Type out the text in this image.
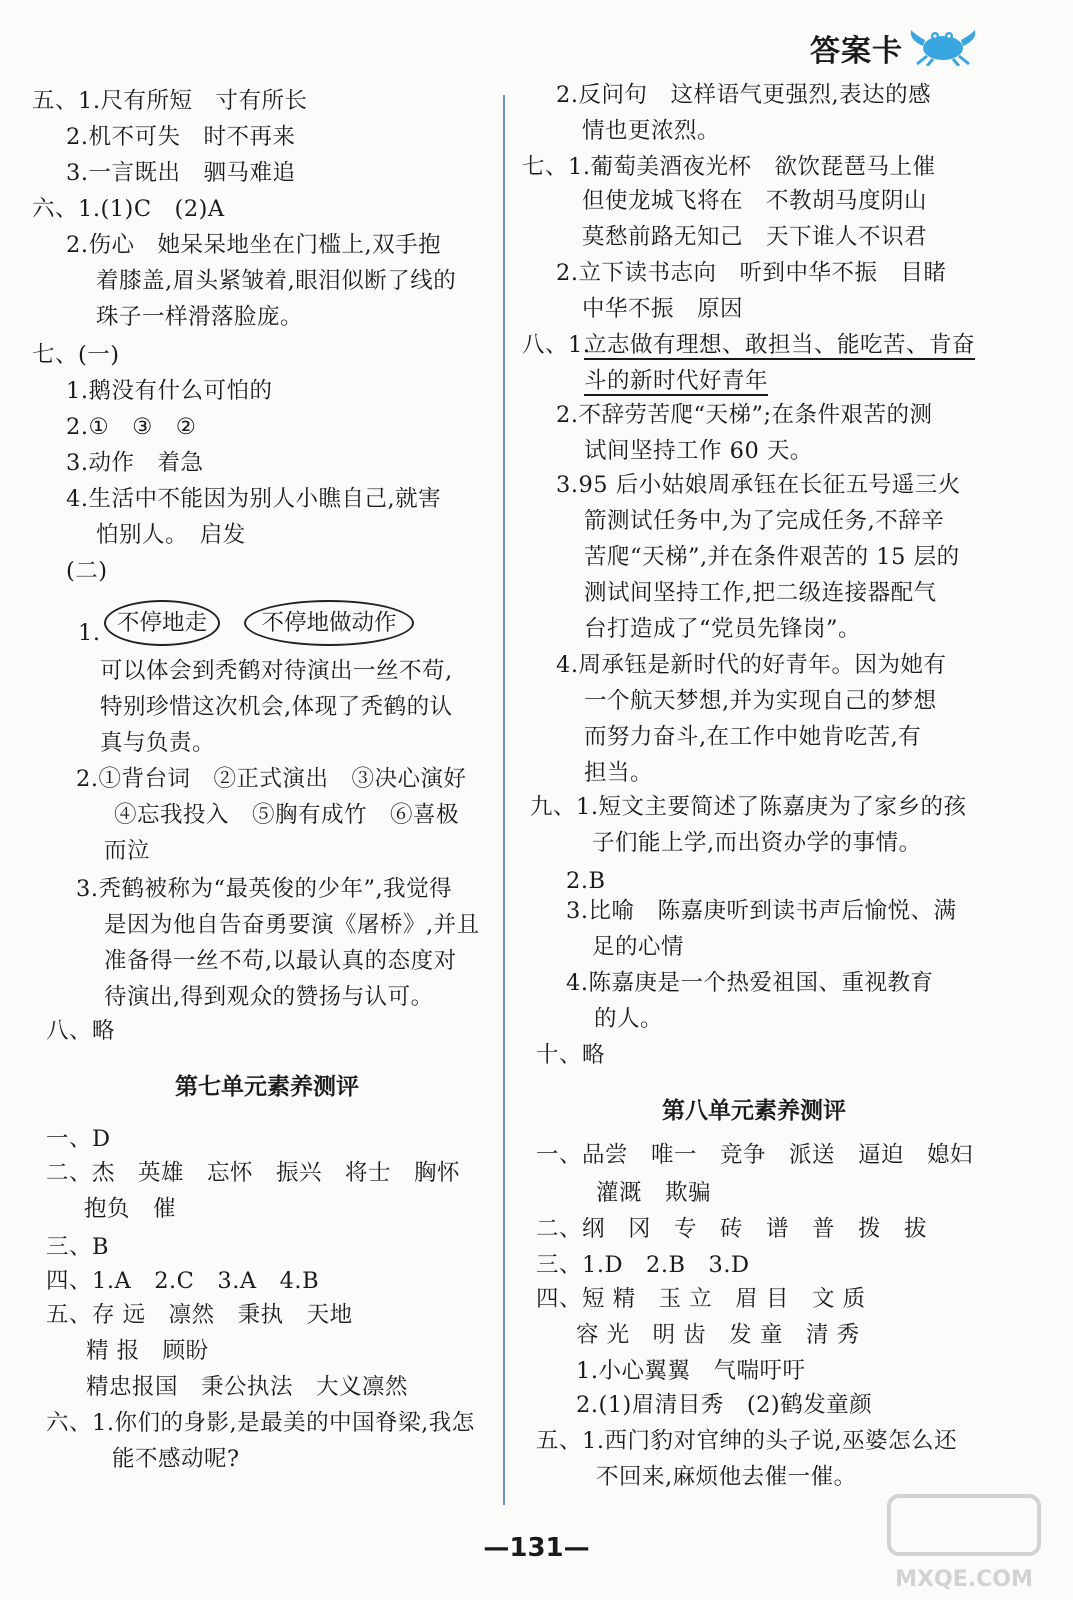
答案卡
五、1.尺有所短　寸有所长
2.机不可失　时不再来
3.一言既出　驷马难追
六、1.(1)C　(2)A
2.伤心　她呆呆地坐在门槛上,双手抱
着膝盖,眉头紧皱着,眼泪似断了线的
珠子一样滑落脸庞。
七、(一)
1.鹅没有什么可怕的
2.①　③　②
3.动作　着急
4.生活中不能因为别人小瞧自己,就害
怕别人。　启发
(二)
1. 不停地走	不停地做动作
可以体会到秃鹤对待演出一丝不苟,
特别珍惜这次机会,体现了秃鹤的认
真与负责。
2.①背台词　②正式演出　③决心演好
④忘我投入　⑤胸有成竹　⑥喜极
而泣
3.秃鹤被称为“最英俊的少年”,我觉得
是因为他自告奋勇要演《屠桥》,并且
准备得一丝不苟,以最认真的态度对
待演出,得到观众的赞扬与认可。
八、略
第七单元素养测评
一、D
二、杰　英雄　忘怀　振兴　将士　胸怀
抱负　催
三、B
四、1.A　2.C　3.A　4.B
五、存 远　凛然　秉执　天地
精 报　顾盼
精忠报国　秉公执法　大义凛然
六、1.你们的身影,是最美的中国脊梁,我怎
能不感动呢?
2.反问句　这样语气更强烈,表达的感
情也更浓烈。
七、1.葡萄美酒夜光杯　欲饮琵琶马上催
但使龙城飞将在　不教胡马度阴山
莫愁前路无知己　天下谁人不识君
2.立下读书志向　听到中华不振　目睹
中华不振　原因
八、1.
立志做有理想、敢担当、能吃苦、肯奋
斗的新时代好青年
2.不辞劳苦爬“天梯”;在条件艰苦的测
试间坚持工作 60 天。
3.95 后小姑娘周承钰在长征五号遥三火
箭测试任务中,为了完成任务,不辞辛
苦爬“天梯”,并在条件艰苦的 15 层的
测试间坚持工作,把二级连接器配气
台打造成了“党员先锋岗”。
4.周承钰是新时代的好青年。因为她有
一个航天梦想,并为实现自己的梦想
而努力奋斗,在工作中她肯吃苦,有
担当。
九、1.短文主要简述了陈嘉庚为了家乡的孩
子们能上学,而出资办学的事情。
2.B
3.比喻　陈嘉庚听到读书声后愉悦、满
足的心情
4.陈嘉庚是一个热爱祖国、重视教育
的人。
十、略
第八单元素养测评
一、品尝　唯一　竞争　派送　逼迫　媳妇
灌溉　欺骗
二、纲　冈　专　砖　谱　普　拨　拔
三、1.D　2.B　3.D
四、短 精　玉 立　眉 目　文 质
容 光　明 齿　发 童　清 秀
1.小心翼翼　气喘吁吁
2.(1)眉清目秀　(2)鹤发童颜
五、1.西门豹对官绅的头子说,巫婆怎么还
不回来,麻烦他去催一催。
—131—
MXQE.COM
